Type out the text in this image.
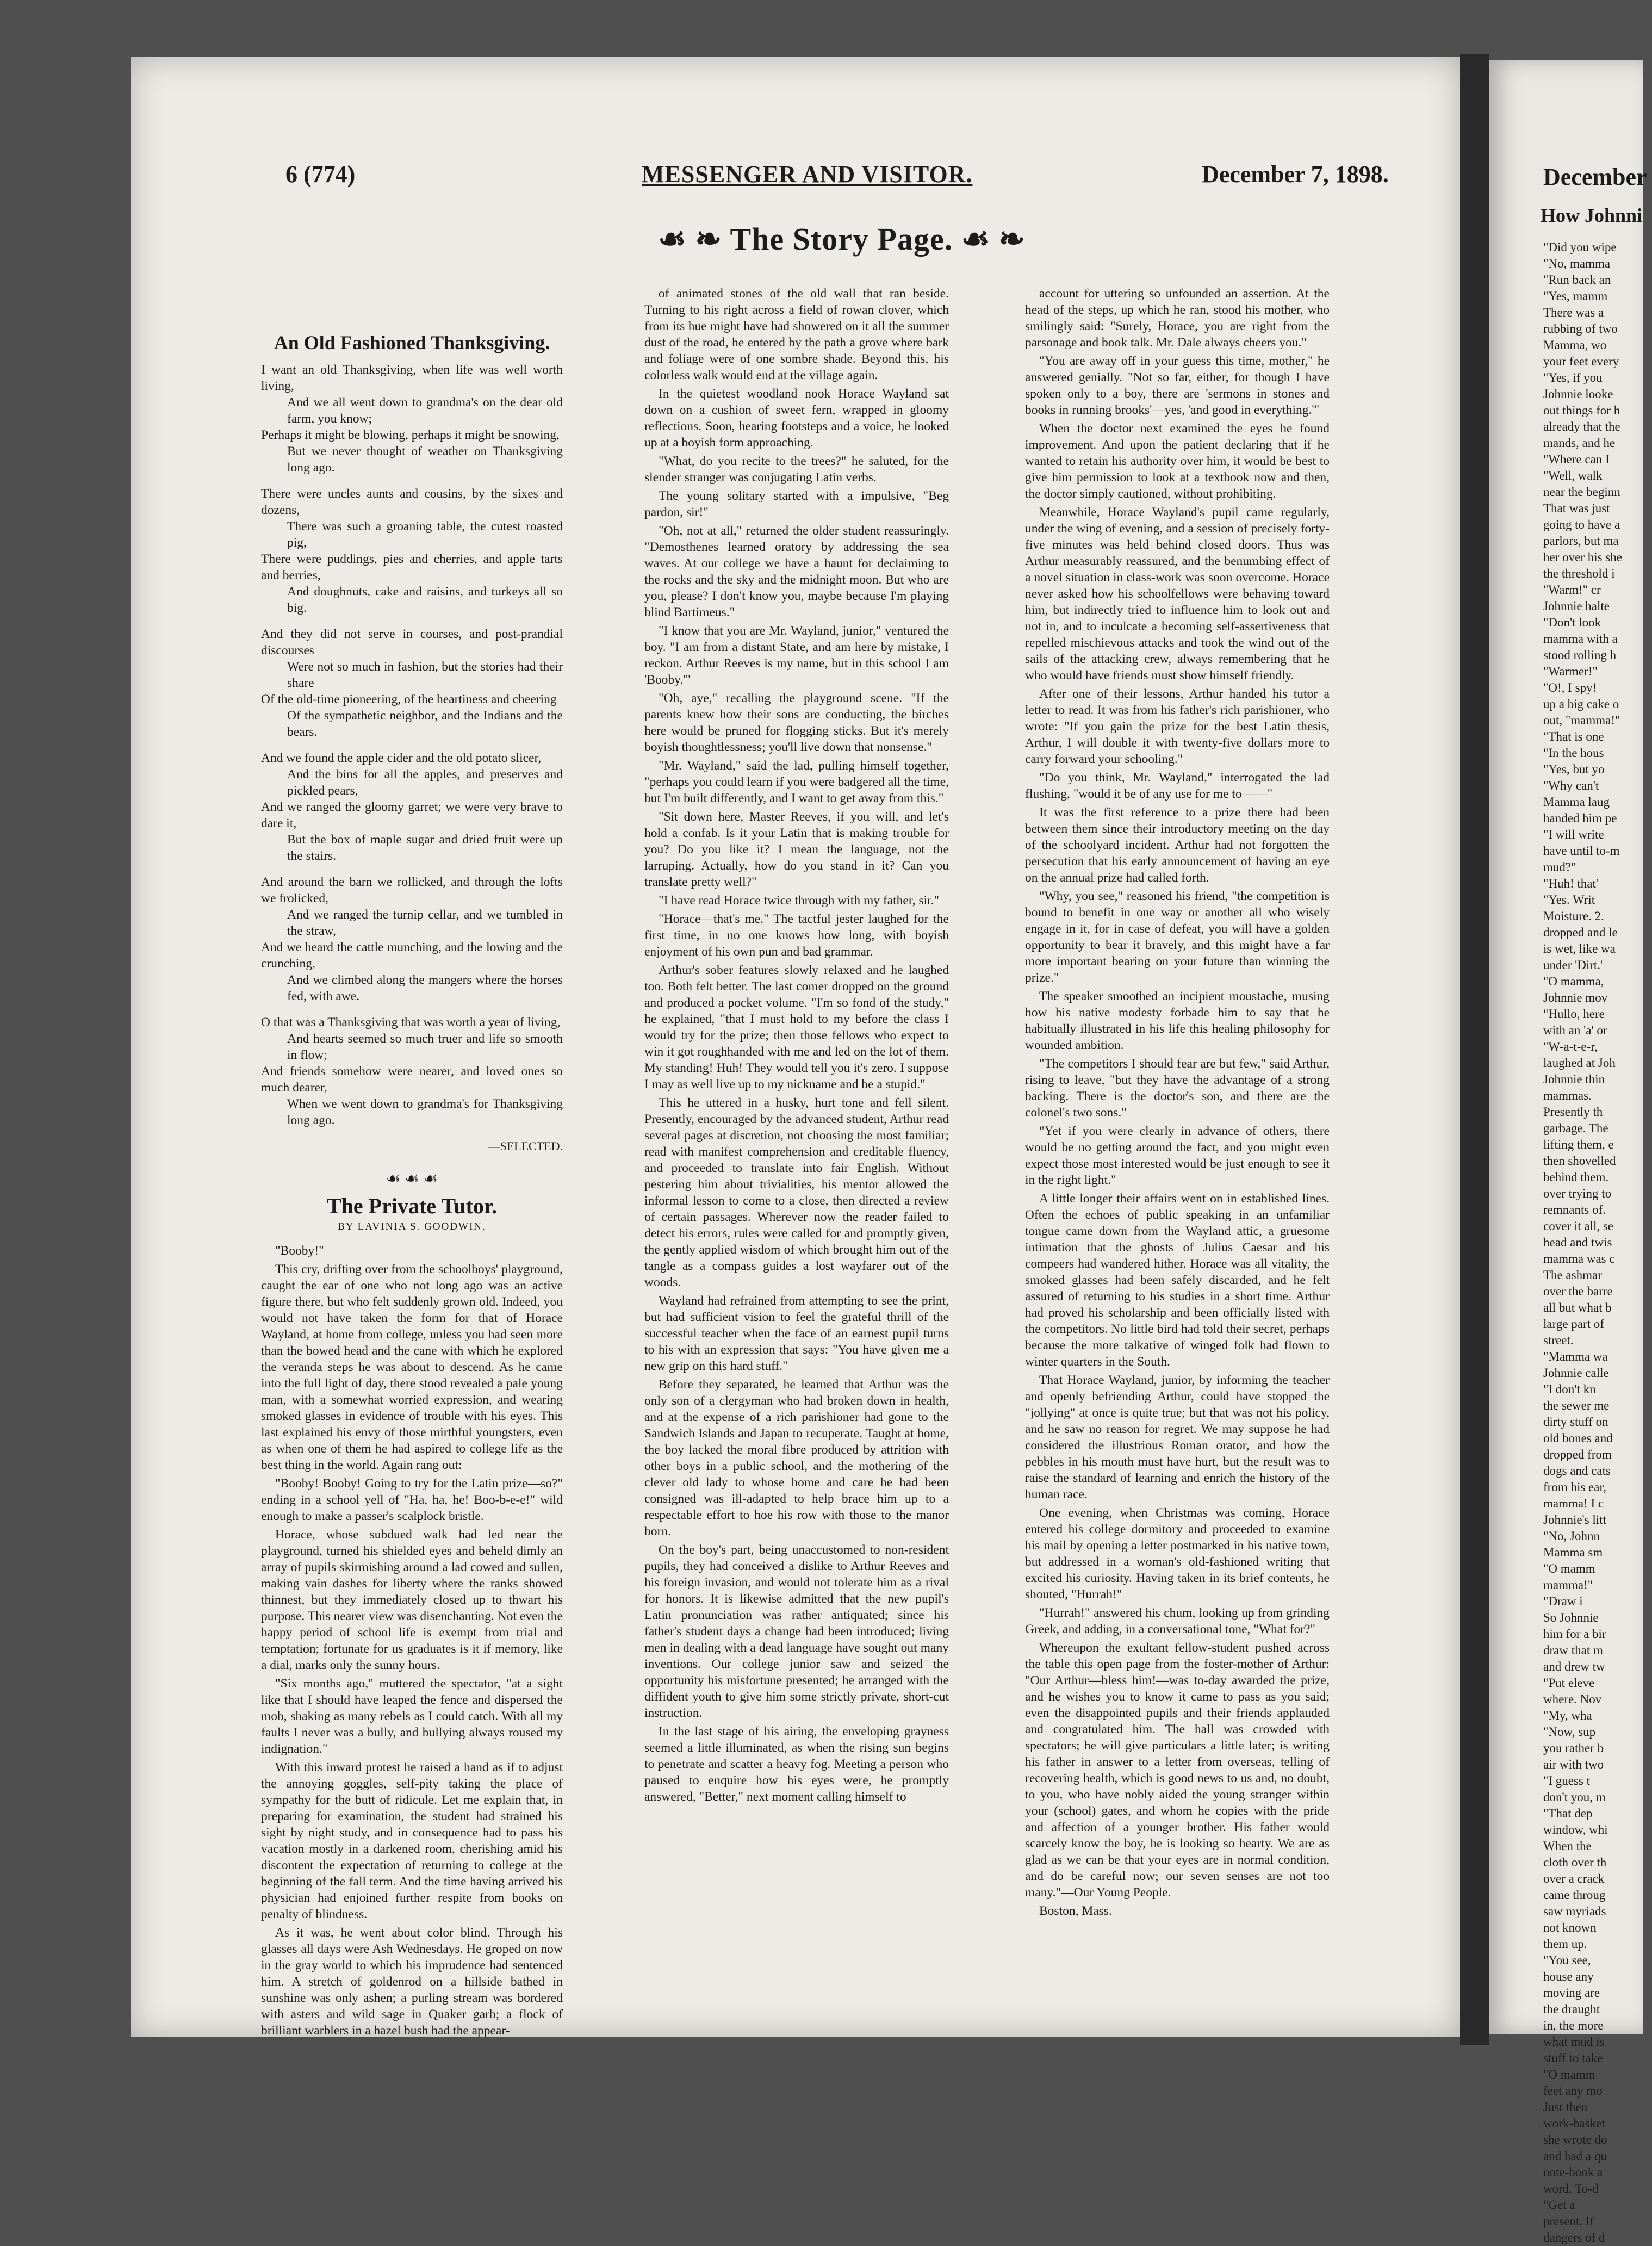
6 (774)	MESSENGER AND VISITOR.	December 7, 1898.
☙ ❧ The Story Page. ☙ ❧
An Old Fashioned Thanksgiving.

I want an old Thanksgiving, when life was well worth living,

And we all went down to grandma's on the dear old farm, you know;

Perhaps it might be blowing, perhaps it might be snowing,

But we never thought of weather on Thanksgiving long ago.

There were uncles aunts and cousins, by the sixes and dozens,

There was such a groaning table, the cutest roasted pig,

There were puddings, pies and cherries, and apple tarts and berries,

And doughnuts, cake and raisins, and turkeys all so big.

And they did not serve in courses, and post-prandial discourses

Were not so much in fashion, but the stories had their share

Of the old-time pioneering, of the heartiness and cheering

Of the sympathetic neighbor, and the Indians and the bears.

And we found the apple cider and the old potato slicer,

And the bins for all the apples, and preserves and pickled pears,

And we ranged the gloomy garret; we were very brave to dare it,

But the box of maple sugar and dried fruit were up the stairs.

And around the barn we rollicked, and through the lofts we frolicked,

And we ranged the turnip cellar, and we tumbled in the straw,

And we heard the cattle munching, and the lowing and the crunching,

And we climbed along the mangers where the horses fed, with awe.

O that was a Thanksgiving that was worth a year of living,

And hearts seemed so much truer and life so smooth in flow;

And friends somehow were nearer, and loved ones so much dearer,

When we went down to grandma's for Thanksgiving long ago.

—SELECTED.
☙ ☙ ☙
The Private Tutor.
BY LAVINIA S. GOODWIN.

"Booby!"

This cry, drifting over from the schoolboys' playground, caught the ear of one who not long ago was an active figure there, but who felt suddenly grown old. Indeed, you would not have taken the form for that of Horace Wayland, at home from college, unless you had seen more than the bowed head and the cane with which he explored the veranda steps he was about to descend. As he came into the full light of day, there stood revealed a pale young man, with a somewhat worried expression, and wearing smoked glasses in evidence of trouble with his eyes. This last explained his envy of those mirthful youngsters, even as when one of them he had aspired to college life as the best thing in the world. Again rang out:

"Booby! Booby! Going to try for the Latin prize—so?" ending in a school yell of "Ha, ha, he! Boo-b-e-e!" wild enough to make a passer's scalplock bristle.

Horace, whose subdued walk had led near the playground, turned his shielded eyes and beheld dimly an array of pupils skirmishing around a lad cowed and sullen, making vain dashes for liberty where the ranks showed thinnest, but they immediately closed up to thwart his purpose. This nearer view was disenchanting. Not even the happy period of school life is exempt from trial and temptation; fortunate for us graduates is it if memory, like a dial, marks only the sunny hours.

"Six months ago," muttered the spectator, "at a sight like that I should have leaped the fence and dispersed the mob, shaking as many rebels as I could catch. With all my faults I never was a bully, and bullying always roused my indignation."

With this inward protest he raised a hand as if to adjust the annoying goggles, self-pity taking the place of sympathy for the butt of ridicule. Let me explain that, in preparing for examination, the student had strained his sight by night study, and in consequence had to pass his vacation mostly in a darkened room, cherishing amid his discontent the expectation of returning to college at the beginning of the fall term. And the time having arrived his physician had enjoined further respite from books on penalty of blindness.

As it was, he went about color blind. Through his glasses all days were Ash Wednesdays. He groped on now in the gray world to which his imprudence had sentenced him. A stretch of goldenrod on a hillside bathed in sunshine was only ashen; a purling stream was bordered with asters and wild sage in Quaker garb; a flock of brilliant warblers in a hazel bush had the appear-

of animated stones of the old wall that ran beside. Turning to his right across a field of rowan clover, which from its hue might have had showered on it all the summer dust of the road, he entered by the path a grove where bark and foliage were of one sombre shade. Beyond this, his colorless walk would end at the village again.

In the quietest woodland nook Horace Wayland sat down on a cushion of sweet fern, wrapped in gloomy reflections. Soon, hearing footsteps and a voice, he looked up at a boyish form approaching.

"What, do you recite to the trees?" he saluted, for the slender stranger was conjugating Latin verbs.

The young solitary started with a impulsive, "Beg pardon, sir!"

"Oh, not at all," returned the older student reassuringly. "Demosthenes learned oratory by addressing the sea waves. At our college we have a haunt for declaiming to the rocks and the sky and the midnight moon. But who are you, please? I don't know you, maybe because I'm playing blind Bartimeus."

"I know that you are Mr. Wayland, junior," ventured the boy. "I am from a distant State, and am here by mistake, I reckon. Arthur Reeves is my name, but in this school I am 'Booby.'"

"Oh, aye," recalling the playground scene. "If the parents knew how their sons are conducting, the birches here would be pruned for flogging sticks. But it's merely boyish thoughtlessness; you'll live down that nonsense."

"Mr. Wayland," said the lad, pulling himself together, "perhaps you could learn if you were badgered all the time, but I'm built differently, and I want to get away from this."

"Sit down here, Master Reeves, if you will, and let's hold a confab. Is it your Latin that is making trouble for you? Do you like it? I mean the language, not the larruping. Actually, how do you stand in it? Can you translate pretty well?"

"I have read Horace twice through with my father, sir."

"Horace—that's me." The tactful jester laughed for the first time, in no one knows how long, with boyish enjoyment of his own pun and bad grammar.

Arthur's sober features slowly relaxed and he laughed too. Both felt better. The last comer dropped on the ground and produced a pocket volume. "I'm so fond of the study," he explained, "that I must hold to my before the class I would try for the prize; then those fellows who expect to win it got roughhanded with me and led on the lot of them. My standing! Huh! They would tell you it's zero. I suppose I may as well live up to my nickname and be a stupid."

This he uttered in a husky, hurt tone and fell silent. Presently, encouraged by the advanced student, Arthur read several pages at discretion, not choosing the most familiar; read with manifest comprehension and creditable fluency, and proceeded to translate into fair English. Without pestering him about trivialities, his mentor allowed the informal lesson to come to a close, then directed a review of certain passages. Wherever now the reader failed to detect his errors, rules were called for and promptly given, the gently applied wisdom of which brought him out of the tangle as a compass guides a lost wayfarer out of the woods.

Wayland had refrained from attempting to see the print, but had sufficient vision to feel the grateful thrill of the successful teacher when the face of an earnest pupil turns to his with an expression that says: "You have given me a new grip on this hard stuff."

Before they separated, he learned that Arthur was the only son of a clergyman who had broken down in health, and at the expense of a rich parishioner had gone to the Sandwich Islands and Japan to recuperate. Taught at home, the boy lacked the moral fibre produced by attrition with other boys in a public school, and the mothering of the clever old lady to whose home and care he had been consigned was ill-adapted to help brace him up to a respectable effort to hoe his row with those to the manor born.

On the boy's part, being unaccustomed to non-resident pupils, they had conceived a dislike to Arthur Reeves and his foreign invasion, and would not tolerate him as a rival for honors. It is likewise admitted that the new pupil's Latin pronunciation was rather antiquated; since his father's student days a change had been introduced; living men in dealing with a dead language have sought out many inventions. Our college junior saw and seized the opportunity his misfortune presented; he arranged with the diffident youth to give him some strictly private, short-cut instruction.

In the last stage of his airing, the enveloping grayness seemed a little illuminated, as when the rising sun begins to penetrate and scatter a heavy fog. Meeting a person who paused to enquire how his eyes were, he promptly answered, "Better," next moment calling himself to

account for uttering so unfounded an assertion. At the head of the steps, up which he ran, stood his mother, who smilingly said: "Surely, Horace, you are right from the parsonage and book talk. Mr. Dale always cheers you."

"You are away off in your guess this time, mother," he answered genially. "Not so far, either, for though I have spoken only to a boy, there are 'sermons in stones and books in running brooks'—yes, 'and good in everything.'"

When the doctor next examined the eyes he found improvement. And upon the patient declaring that if he wanted to retain his authority over him, it would be best to give him permission to look at a textbook now and then, the doctor simply cautioned, without prohibiting.

Meanwhile, Horace Wayland's pupil came regularly, under the wing of evening, and a session of precisely forty-five minutes was held behind closed doors. Thus was Arthur measurably reassured, and the benumbing effect of a novel situation in class-work was soon overcome. Horace never asked how his schoolfellows were behaving toward him, but indirectly tried to influence him to look out and not in, and to inculcate a becoming self-assertiveness that repelled mischievous attacks and took the wind out of the sails of the attacking crew, always remembering that he who would have friends must show himself friendly.

After one of their lessons, Arthur handed his tutor a letter to read. It was from his father's rich parishioner, who wrote: "If you gain the prize for the best Latin thesis, Arthur, I will double it with twenty-five dollars more to carry forward your schooling."

"Do you think, Mr. Wayland," interrogated the lad flushing, "would it be of any use for me to——"

It was the first reference to a prize there had been between them since their introductory meeting on the day of the schoolyard incident. Arthur had not forgotten the persecution that his early announcement of having an eye on the annual prize had called forth.

"Why, you see," reasoned his friend, "the competition is bound to benefit in one way or another all who wisely engage in it, for in case of defeat, you will have a golden opportunity to bear it bravely, and this might have a far more important bearing on your future than winning the prize."

The speaker smoothed an incipient moustache, musing how his native modesty forbade him to say that he habitually illustrated in his life this healing philosophy for wounded ambition.

"The competitors I should fear are but few," said Arthur, rising to leave, "but they have the advantage of a strong backing. There is the doctor's son, and there are the colonel's two sons."

"Yet if you were clearly in advance of others, there would be no getting around the fact, and you might even expect those most interested would be just enough to see it in the right light."

A little longer their affairs went on in established lines. Often the echoes of public speaking in an unfamiliar tongue came down from the Wayland attic, a gruesome intimation that the ghosts of Julius Caesar and his compeers had wandered hither. Horace was all vitality, the smoked glasses had been safely discarded, and he felt assured of returning to his studies in a short time. Arthur had proved his scholarship and been officially listed with the competitors. No little bird had told their secret, perhaps because the more talkative of winged folk had flown to winter quarters in the South.

That Horace Wayland, junior, by informing the teacher and openly befriending Arthur, could have stopped the "jollying" at once is quite true; but that was not his policy, and he saw no reason for regret. We may suppose he had considered the illustrious Roman orator, and how the pebbles in his mouth must have hurt, but the result was to raise the standard of learning and enrich the history of the human race.

One evening, when Christmas was coming, Horace entered his college dormitory and proceeded to examine his mail by opening a letter postmarked in his native town, but addressed in a woman's old-fashioned writing that excited his curiosity. Having taken in its brief contents, he shouted, "Hurrah!"

"Hurrah!" answered his chum, looking up from grinding Greek, and adding, in a conversational tone, "What for?"

Whereupon the exultant fellow-student pushed across the table this open page from the foster-mother of Arthur: "Our Arthur—bless him!—was to-day awarded the prize, and he wishes you to know it came to pass as you said; even the disappointed pupils and their friends applauded and congratulated him. The hall was crowded with spectators; he will give particulars a little later; is writing his father in answer to a letter from overseas, telling of recovering health, which is good news to us and, no doubt, to you, who have nobly aided the young stranger within your (school) gates, and whom he copies with the pride and affection of a younger brother. His father would scarcely know the boy, he is looking so hearty. We are as glad as we can be that your eyes are in normal condition, and do be careful now; our seven senses are not too many."—Our Young People.

Boston, Mass.

December
How Johnni
"Did you wipe
"No, mamma
"Run back an
"Yes, mamm
There was a
rubbing of two
Mamma, wo
your feet every
"Yes, if you
Johnnie looke
out things for h
already that the
mands, and he
"Where can I
"Well, walk
near the beginn
That was just
going to have a
parlors, but ma
her over his she
the threshold i
"Warm!" cr
Johnnie halte
"Don't look
mamma with a
stood rolling h
"Warmer!"
"O!, I spy!
up a big cake o
out, "mamma!"
"That is one
"In the hous
"Yes, but yo
"Why can't
Mamma laug
handed him pe
"I will write
have until to-m
mud?"
"Huh! that'
"Yes. Writ
Moisture. 2.
dropped and le
is wet, like wa
under 'Dirt.'
"O mamma,
Johnnie mov
"Hullo, here
with an 'a' or
"W-a-t-e-r,
laughed at Joh
Johnnie thin
mammas.
Presently th
garbage. The
lifting them, e
then shovelled
behind them.
over trying to
remnants of.
cover it all, se
head and twis
mamma was c
The ashmar
over the barre
all but what b
large part of
street.
"Mamma wa
Johnnie calle
"I don't kn
the sewer me
dirty stuff on
old bones and
dropped from
dogs and cats
from his ear,
mamma! I c
Johnnie's litt
"No, Johnn
Mamma sm
"O mamm
mamma!"
"Draw i
So Johnnie
him for a bir
draw that m
and drew tw
"Put eleve
where. Nov
"My, wha
"Now, sup
you rather b
air with two
"I guess t
don't you, m
"That dep
window, whi
When the
cloth over th
over a crack
came throug
saw myriads
not known
them up.
"You see,
house any
moving are
the draught
in, the more
what mud is
stuff to take
"O mamm
feet any mo
Just then
work-basket
she wrote do
and had a qu
note-book a
word. To-d
"Get a
present. If
dangers of d
